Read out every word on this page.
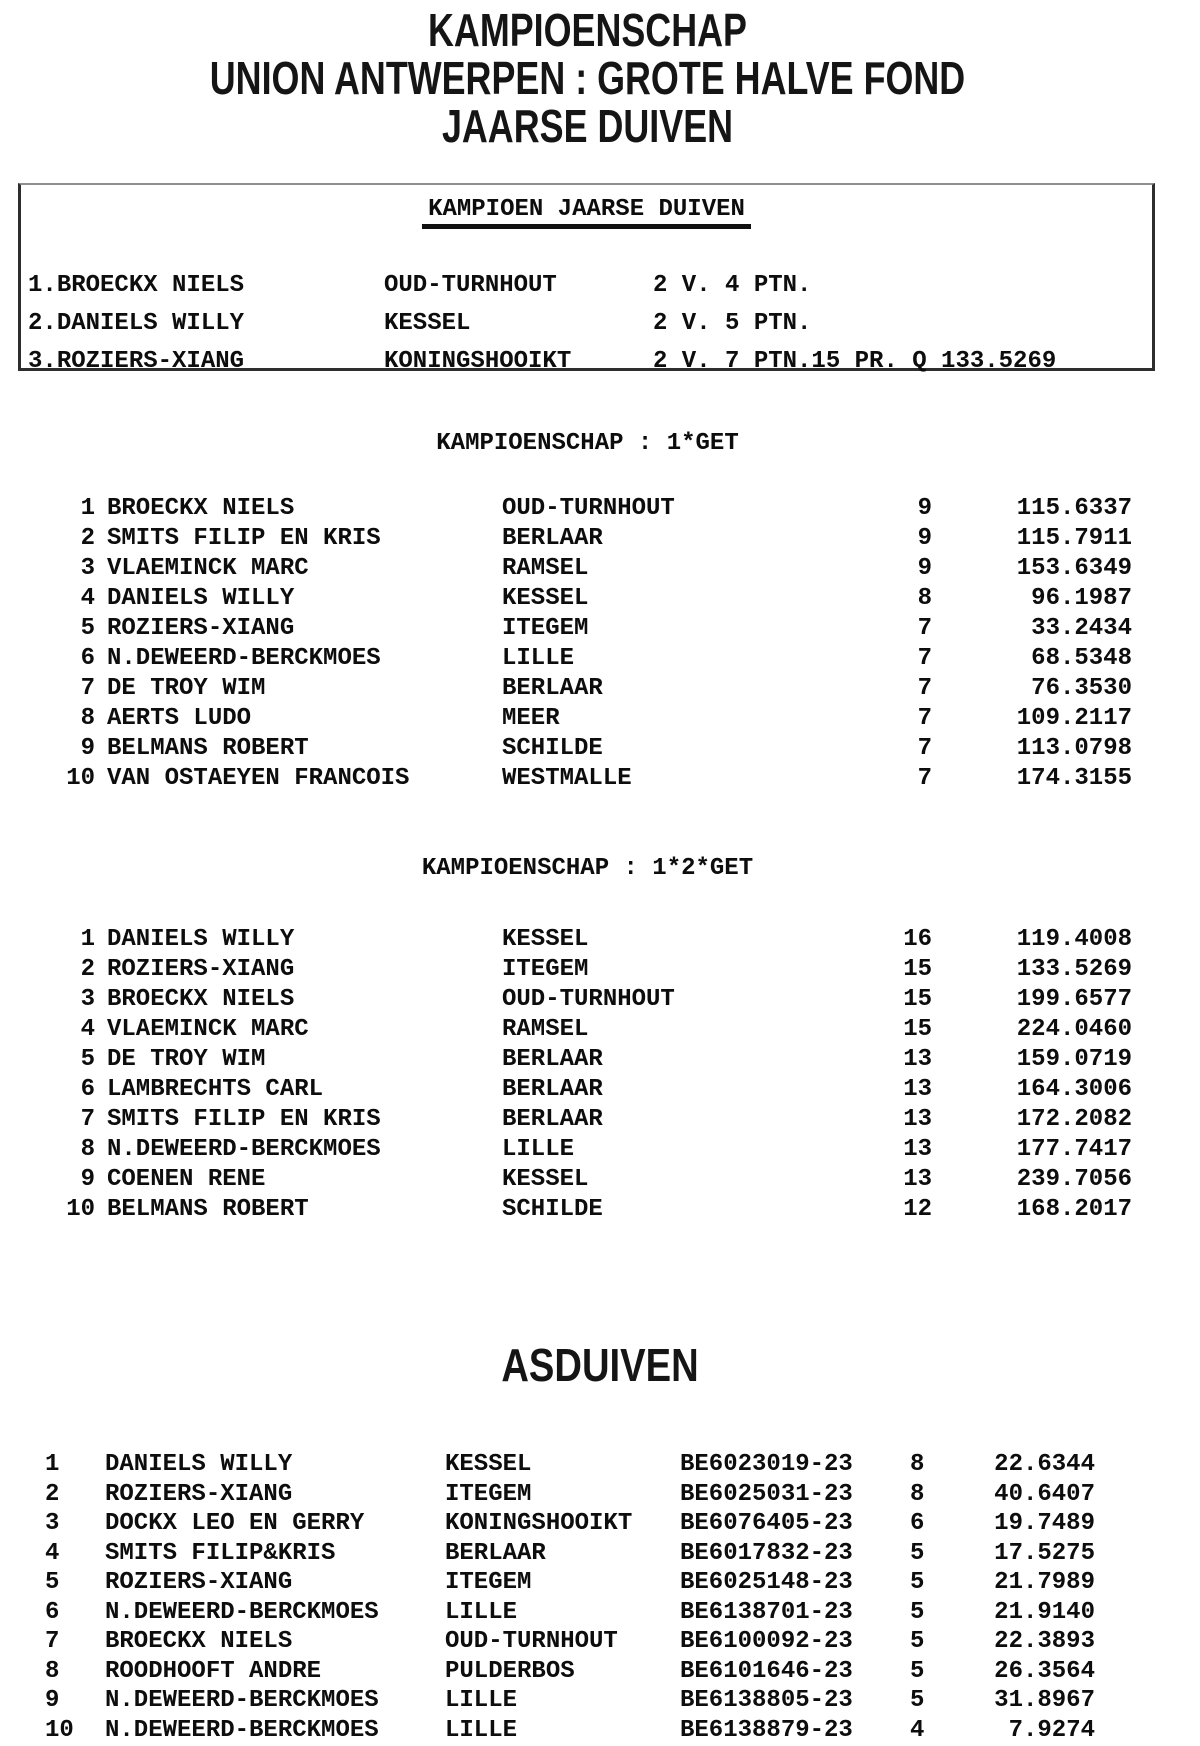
KAMPIOENSCHAP
UNION ANTWERPEN : GROTE HALVE FOND
JAARSE DUIVEN
KAMPIOEN JAARSE DUIVEN
1.BROECKX NIELS	OUD-TURNHOUT	2 V. 4 PTN.
2.DANIELS WILLY	KESSEL	2 V. 5 PTN.
3.ROZIERS-XIANG	KONINGSHOOIKT	2 V. 7 PTN.15 PR. Q 133.5269
KAMPIOENSCHAP : 1*GET
1 BROECKX NIELS	OUD-TURNHOUT	9	115.6337
2 SMITS FILIP EN KRIS	BERLAAR	9	115.7911
3 VLAEMINCK MARC	RAMSEL	9	153.6349
4 DANIELS WILLY	KESSEL	8	96.1987
5 ROZIERS-XIANG	ITEGEM	7	33.2434
6 N.DEWEERD-BERCKMOES	LILLE	7	68.5348
7 DE TROY WIM	BERLAAR	7	76.3530
8 AERTS LUDO	MEER	7	109.2117
9 BELMANS ROBERT	SCHILDE	7	113.0798
10 VAN OSTAEYEN FRANCOIS	WESTMALLE	7	174.3155
KAMPIOENSCHAP : 1*2*GET
1 DANIELS WILLY	KESSEL	16	119.4008
2 ROZIERS-XIANG	ITEGEM	15	133.5269
3 BROECKX NIELS	OUD-TURNHOUT	15	199.6577
4 VLAEMINCK MARC	RAMSEL	15	224.0460
5 DE TROY WIM	BERLAAR	13	159.0719
6 LAMBRECHTS CARL	BERLAAR	13	164.3006
7 SMITS FILIP EN KRIS	BERLAAR	13	172.2082
8 N.DEWEERD-BERCKMOES	LILLE	13	177.7417
9 COENEN RENE	KESSEL	13	239.7056
10 BELMANS ROBERT	SCHILDE	12	168.2017
ASDUIVEN
1	DANIELS WILLY	KESSEL	BE6023019-23	8	22.6344
2	ROZIERS-XIANG	ITEGEM	BE6025031-23	8	40.6407
3	DOCKX LEO EN GERRY	KONINGSHOOIKT	BE6076405-23	6	19.7489
4	SMITS FILIP&KRIS	BERLAAR	BE6017832-23	5	17.5275
5	ROZIERS-XIANG	ITEGEM	BE6025148-23	5	21.7989
6	N.DEWEERD-BERCKMOES	LILLE	BE6138701-23	5	21.9140
7	BROECKX NIELS	OUD-TURNHOUT	BE6100092-23	5	22.3893
8	ROODHOOFT ANDRE	PULDERBOS	BE6101646-23	5	26.3564
9	N.DEWEERD-BERCKMOES	LILLE	BE6138805-23	5	31.8967
10	N.DEWEERD-BERCKMOES	LILLE	BE6138879-23	4	7.9274
